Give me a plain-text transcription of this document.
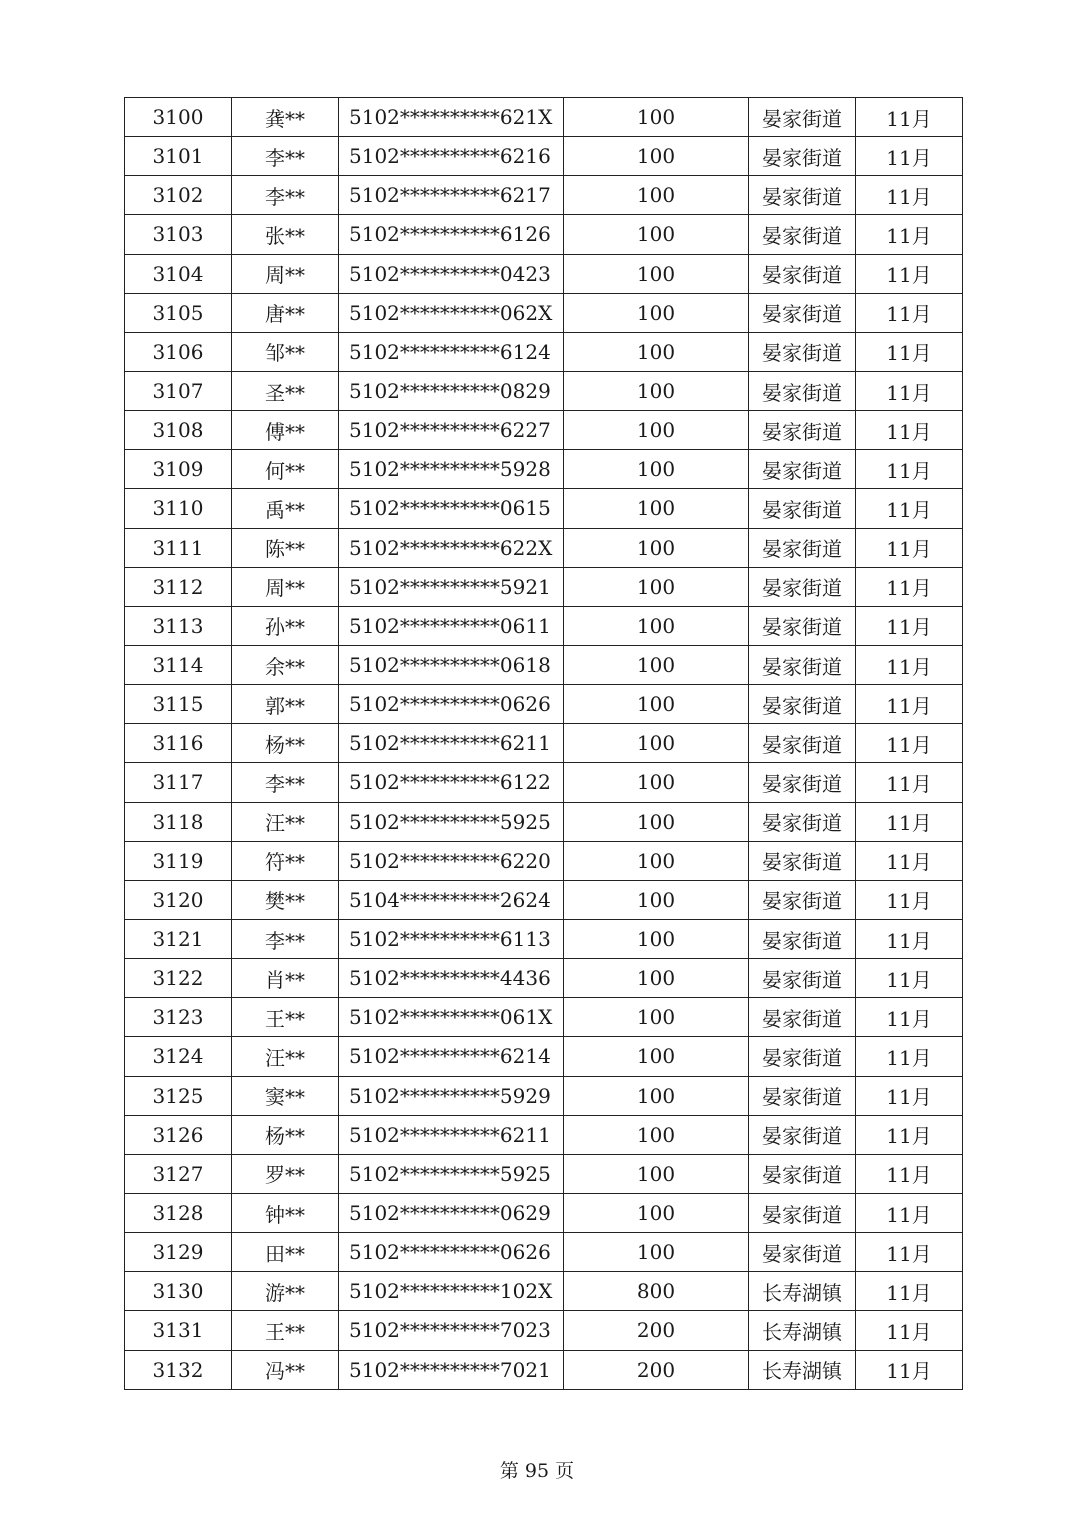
3100	龚**	5102**********621X	100	晏家街道	11月
3101	李**	5102**********6216	100	晏家街道	11月
3102	李**	5102**********6217	100	晏家街道	11月
3103	张**	5102**********6126	100	晏家街道	11月
3104	周**	5102**********0423	100	晏家街道	11月
3105	唐**	5102**********062X	100	晏家街道	11月
3106	邹**	5102**********6124	100	晏家街道	11月
3107	圣**	5102**********0829	100	晏家街道	11月
3108	傅**	5102**********6227	100	晏家街道	11月
3109	何**	5102**********5928	100	晏家街道	11月
3110	禹**	5102**********0615	100	晏家街道	11月
3111	陈**	5102**********622X	100	晏家街道	11月
3112	周**	5102**********5921	100	晏家街道	11月
3113	孙**	5102**********0611	100	晏家街道	11月
3114	余**	5102**********0618	100	晏家街道	11月
3115	郭**	5102**********0626	100	晏家街道	11月
3116	杨**	5102**********6211	100	晏家街道	11月
3117	李**	5102**********6122	100	晏家街道	11月
3118	汪**	5102**********5925	100	晏家街道	11月
3119	符**	5102**********6220	100	晏家街道	11月
3120	樊**	5104**********2624	100	晏家街道	11月
3121	李**	5102**********6113	100	晏家街道	11月
3122	肖**	5102**********4436	100	晏家街道	11月
3123	王**	5102**********061X	100	晏家街道	11月
3124	汪**	5102**********6214	100	晏家街道	11月
3125	窦**	5102**********5929	100	晏家街道	11月
3126	杨**	5102**********6211	100	晏家街道	11月
3127	罗**	5102**********5925	100	晏家街道	11月
3128	钟**	5102**********0629	100	晏家街道	11月
3129	田**	5102**********0626	100	晏家街道	11月
3130	游**	5102**********102X	800	长寿湖镇	11月
3131	王**	5102**********7023	200	长寿湖镇	11月
3132	冯**	5102**********7021	200	长寿湖镇	11月
第 95 页
